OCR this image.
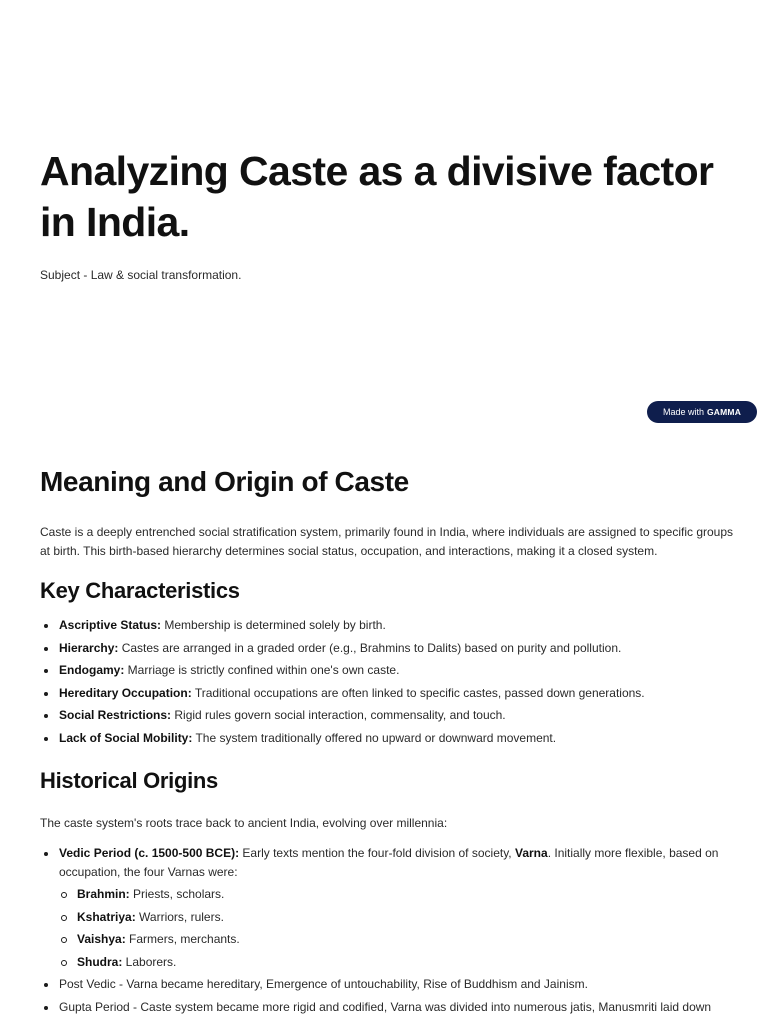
Analyzing Caste as a divisive factor in India.
Subject - Law & social transformation.
Made with GAMMA
Meaning and Origin of Caste

Caste is a deeply entrenched social stratification system, primarily found in India, where individuals are assigned to specific groups at birth. This birth-based hierarchy determines social status, occupation, and interactions, making it a closed system.

Key Characteristics
Ascriptive Status: Membership is determined solely by birth.
Hierarchy: Castes are arranged in a graded order (e.g., Brahmins to Dalits) based on purity and pollution.
Endogamy: Marriage is strictly confined within one's own caste.
Hereditary Occupation: Traditional occupations are often linked to specific castes, passed down generations.
Social Restrictions: Rigid rules govern social interaction, commensality, and touch.
Lack of Social Mobility: The system traditionally offered no upward or downward movement.
Historical Origins

The caste system's roots trace back to ancient India, evolving over millennia:

Vedic Period (c. 1500-500 BCE): Early texts mention the four-fold division of society, Varna. Initially more flexible, based on occupation, the four Varnas were:
Brahmin: Priests, scholars.
Kshatriya: Warriors, rulers.
Vaishya: Farmers, merchants.
Shudra: Laborers.
Post Vedic - Varna became hereditary, Emergence of untouchability, Rise of Buddhism and Jainism.
Gupta Period - Caste system became more rigid and codified, Varna was divided into numerous jatis, Manusmriti laid down
